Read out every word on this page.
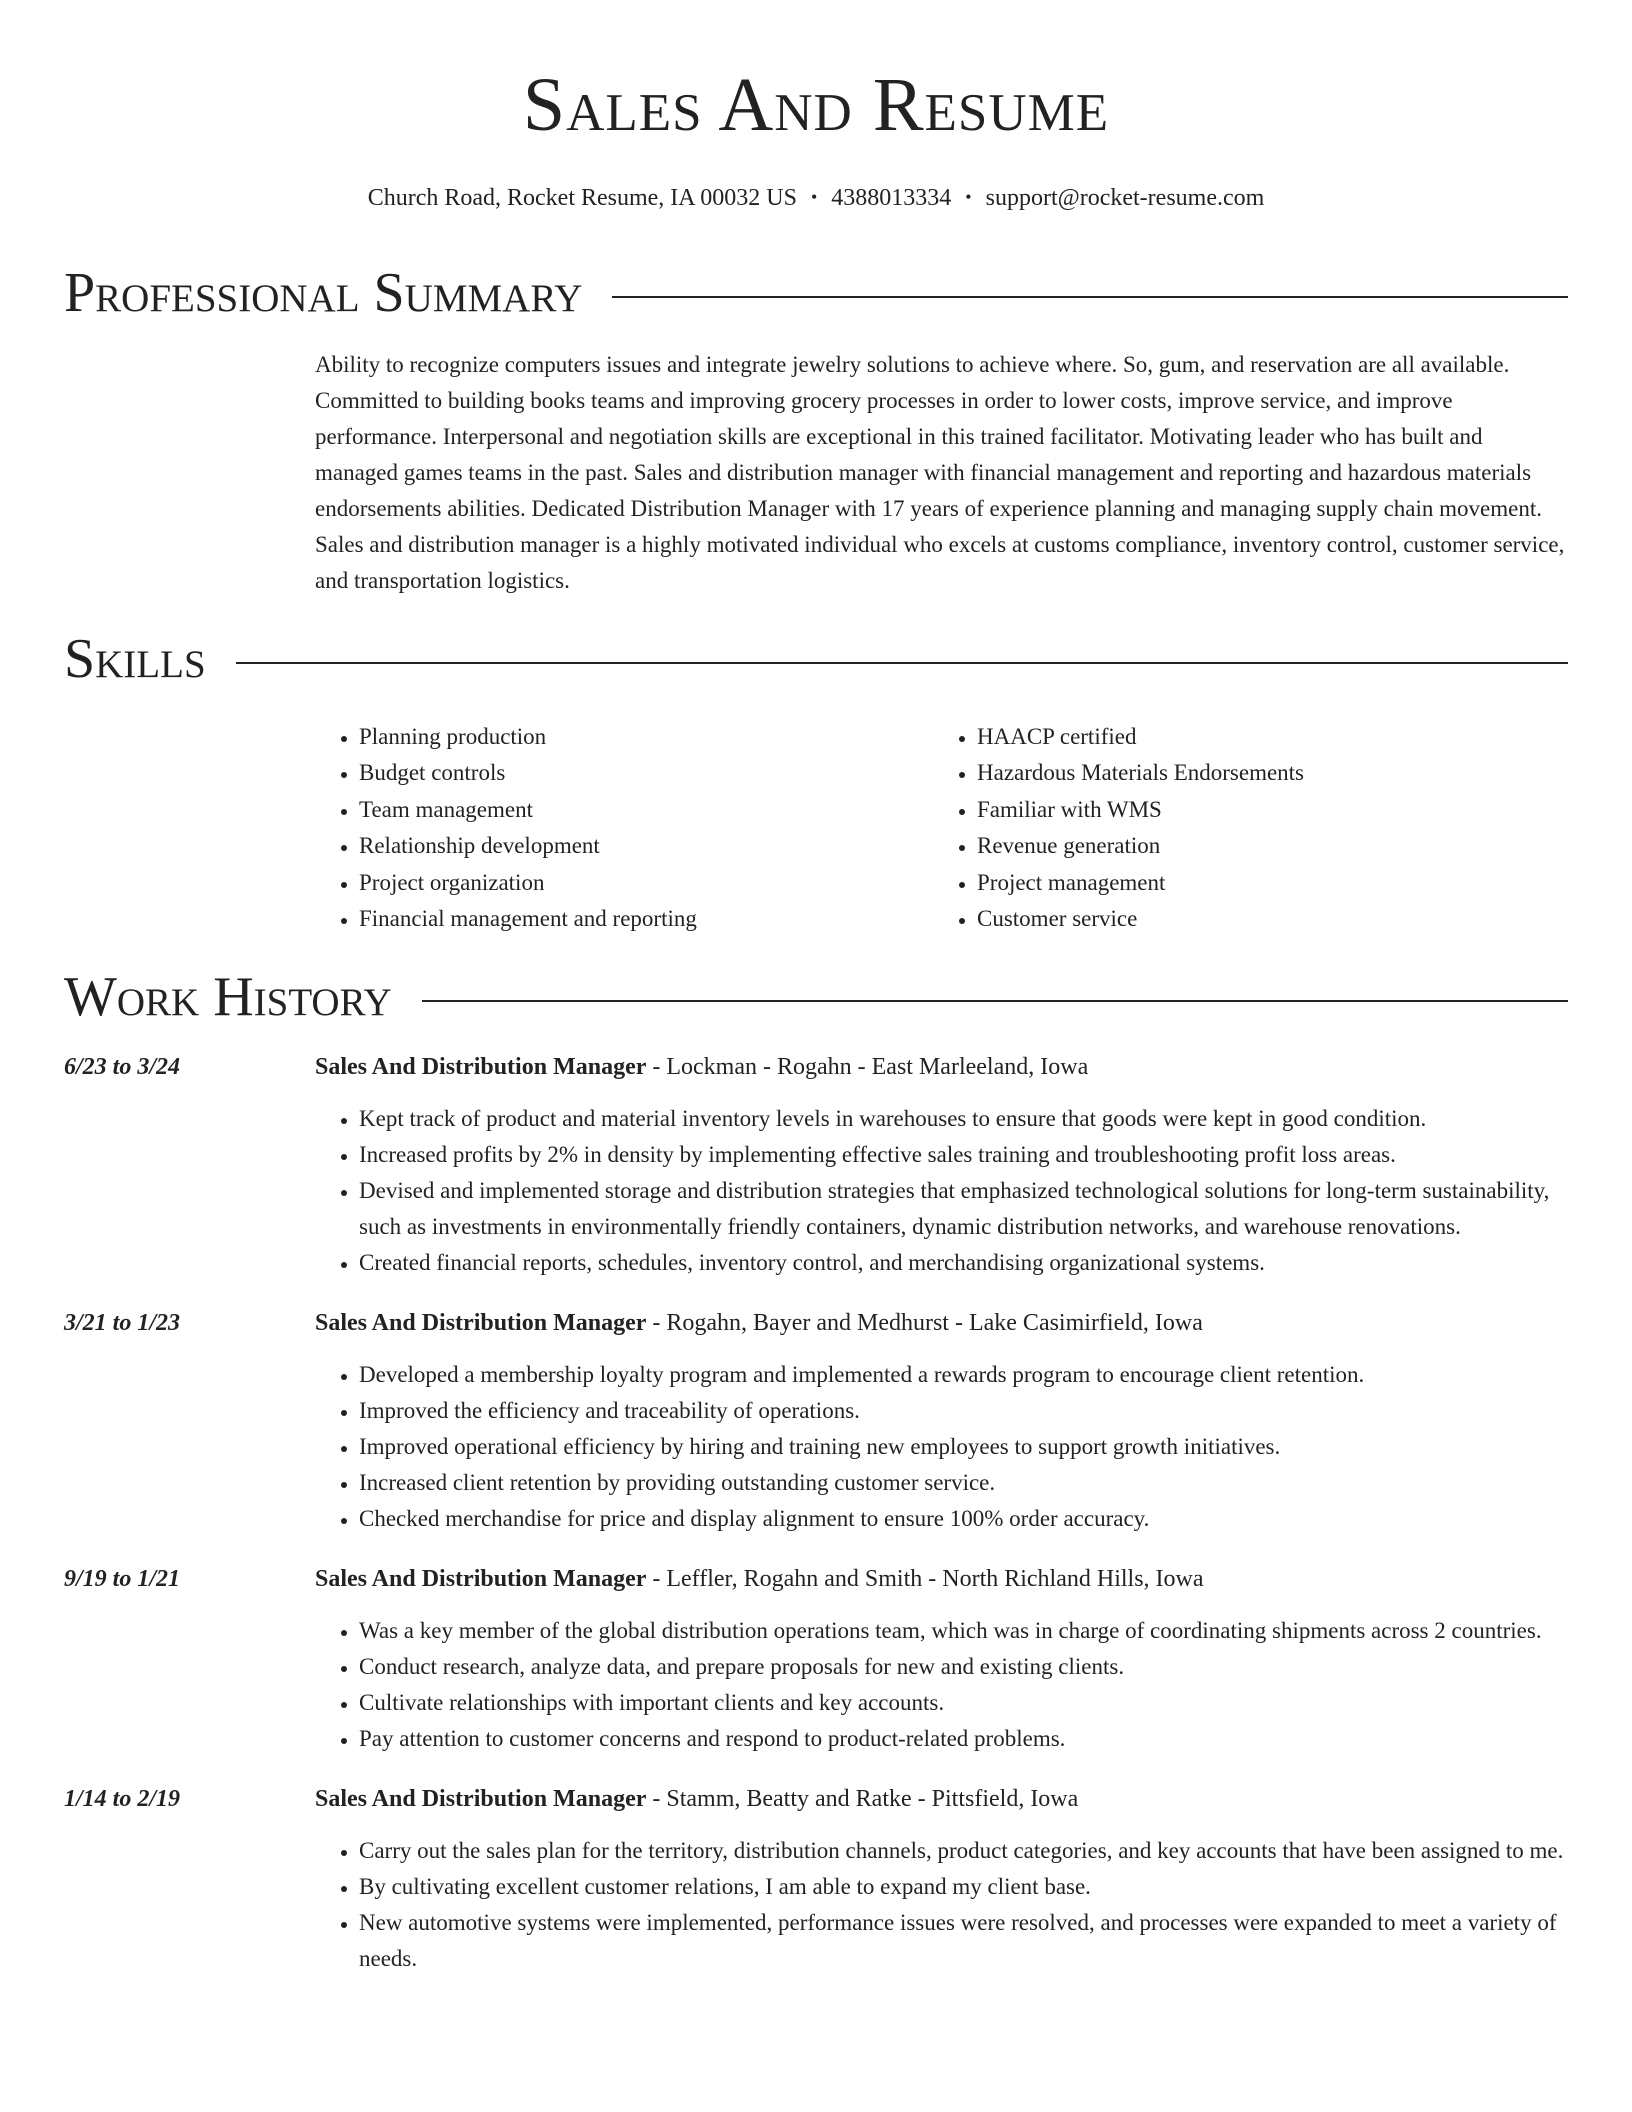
Sales And Resume
Church Road, Rocket Resume, IA 00032 US • 4388013334 • support@rocket-resume.com
Professional Summary
Ability to recognize computers issues and integrate jewelry solutions to achieve where. So, gum, and reservation are all available. Committed to building books teams and improving grocery processes in order to lower costs, improve service, and improve performance. Interpersonal and negotiation skills are exceptional in this trained facilitator. Motivating leader who has built and managed games teams in the past. Sales and distribution manager with financial management and reporting and hazardous materials endorsements abilities. Dedicated Distribution Manager with 17 years of experience planning and managing supply chain movement. Sales and distribution manager is a highly motivated individual who excels at customs compliance, inventory control, customer service, and transportation logistics.
Skills
• Planning production
• Budget controls
• Team management
• Relationship development
• Project organization
• Financial management and reporting
• HAACP certified
• Hazardous Materials Endorsements
• Familiar with WMS
• Revenue generation
• Project management
• Customer service
Work History
6/23 to 3/24	Sales And Distribution Manager - Lockman - Rogahn - East Marleeland, Iowa
• Kept track of product and material inventory levels in warehouses to ensure that goods were kept in good condition.
• Increased profits by 2% in density by implementing effective sales training and troubleshooting profit loss areas.
• Devised and implemented storage and distribution strategies that emphasized technological solutions for long-term sustainability, such as investments in environmentally friendly containers, dynamic distribution networks, and warehouse renovations.
• Created financial reports, schedules, inventory control, and merchandising organizational systems.
3/21 to 1/23	Sales And Distribution Manager - Rogahn, Bayer and Medhurst - Lake Casimirfield, Iowa
• Developed a membership loyalty program and implemented a rewards program to encourage client retention.
• Improved the efficiency and traceability of operations.
• Improved operational efficiency by hiring and training new employees to support growth initiatives.
• Increased client retention by providing outstanding customer service.
• Checked merchandise for price and display alignment to ensure 100% order accuracy.
9/19 to 1/21	Sales And Distribution Manager - Leffler, Rogahn and Smith - North Richland Hills, Iowa
• Was a key member of the global distribution operations team, which was in charge of coordinating shipments across 2 countries.
• Conduct research, analyze data, and prepare proposals for new and existing clients.
• Cultivate relationships with important clients and key accounts.
• Pay attention to customer concerns and respond to product-related problems.
1/14 to 2/19	Sales And Distribution Manager - Stamm, Beatty and Ratke - Pittsfield, Iowa
• Carry out the sales plan for the territory, distribution channels, product categories, and key accounts that have been assigned to me.
• By cultivating excellent customer relations, I am able to expand my client base.
• New automotive systems were implemented, performance issues were resolved, and processes were expanded to meet a variety of needs.
